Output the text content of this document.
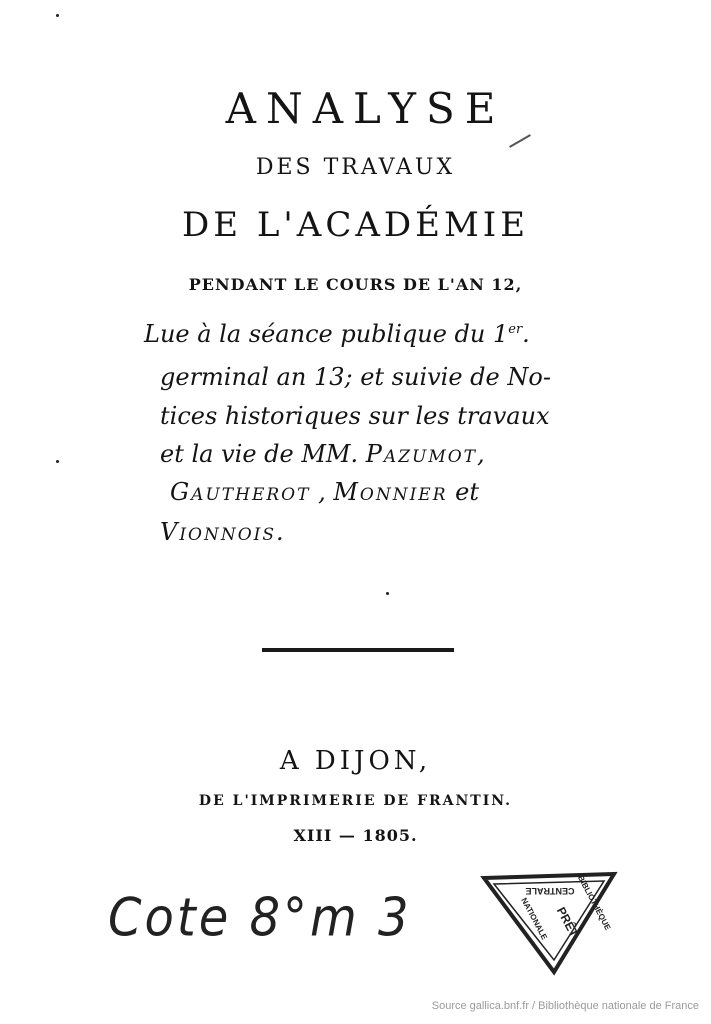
ANALYSE
DES TRAVAUX
DE L'ACADÉMIE
PENDANT LE COURS DE L'AN 12,
Lue à la séance publique du 1er.
germinal an 13; et suivie de No-
tices historiques sur les travaux
et la vie de MM. Pazumot,
Gautherot , Monnier et
Vionnois.
A DIJON,
DE L'IMPRIMERIE DE FRANTIN.
XIII — 1805.
Cote 8°m 3	CENTRALE BIBLIOTHÈQUE
PRÊT
NATIONALE
Source gallica.bnf.fr / Bibliothèque nationale de France
